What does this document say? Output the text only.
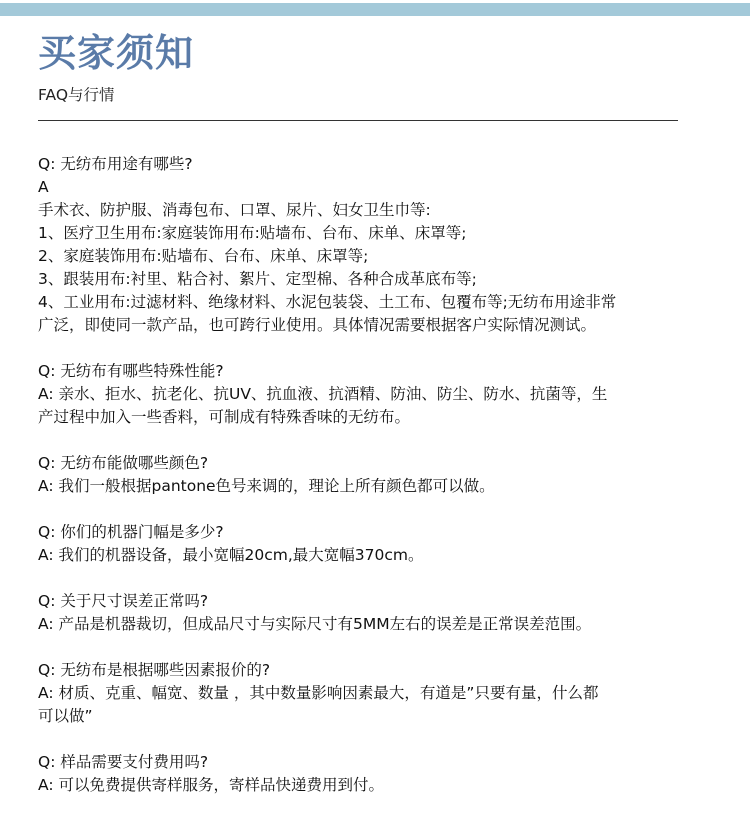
买家须知
FAQ与行情
Q: 无纺布用途有哪些?
A
手术衣、防护服、消毒包布、口罩、尿片、妇女卫生巾等:
1、医疗卫生用布:家庭装饰用布:贴墙布、台布、床单、床罩等;
2、家庭装饰用布:贴墙布、台布、床单、床罩等;
3、跟装用布:衬里、粘合衬、絮片、定型棉、各种合成革底布等;
4、工业用布:过滤材料、绝缘材料、水泥包装袋、土工布、包覆布等;无纺布用途非常
广泛，即使同一款产品，也可跨行业使用。具体情况需要根据客户实际情况测试。
Q: 无纺布有哪些特殊性能?
A: 亲水、拒水、抗老化、抗UV、抗血液、抗酒精、防油、防尘、防水、抗菌等，生
产过程中加入一些香料，可制成有特殊香味的无纺布。
Q: 无纺布能做哪些颜色?
A: 我们一般根据pantone色号来调的，理论上所有颜色都可以做。
Q: 你们的机器门幅是多少?
A: 我们的机器设备，最小宽幅20cm,最大宽幅370cm。
Q: 关于尺寸误差正常吗?
A: 产品是机器裁切，但成品尺寸与实际尺寸有5MM左右的误差是正常误差范围。
Q: 无纺布是根据哪些因素报价的?
A: 材质、克重、幅宽、数量 ，其中数量影响因素最大，有道是”只要有量，什么都
可以做”
Q: 样品需要支付费用吗?
A: 可以免费提供寄样服务，寄样品快递费用到付。
